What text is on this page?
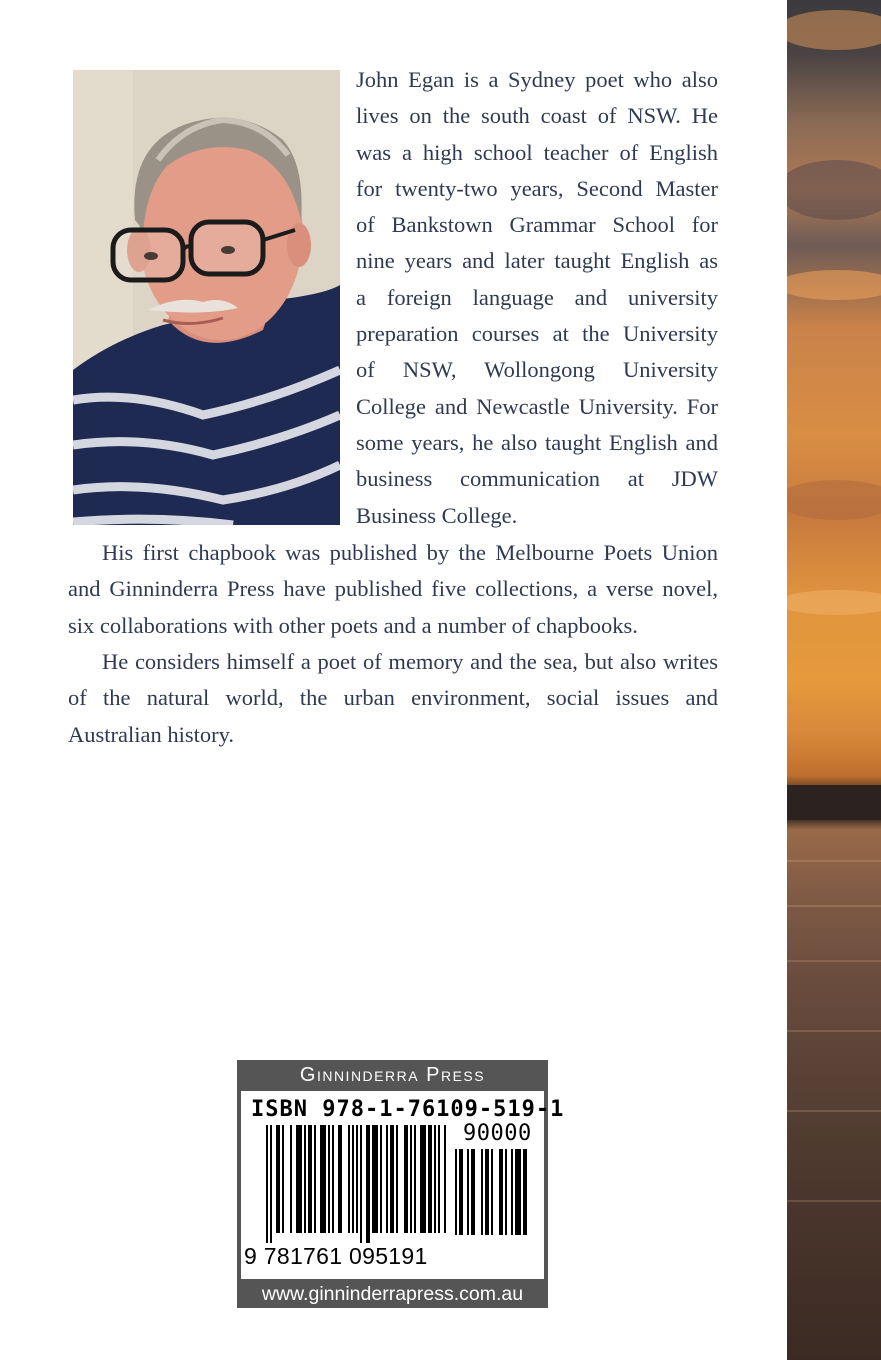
John Egan is a Sydney poet who also
lives on the south coast of NSW. He
was a high school teacher of English
for twenty-two years, Second Master
of Bankstown Grammar School for
nine years and later taught English as
a foreign language and university
preparation courses at the University
of NSW, Wollongong University
College and Newcastle University. For
some years, he also taught English and
business communication at JDW
Business College.

His first chapbook was published by the Melbourne Poets Union and Ginninderra Press have published five collections, a verse novel, six collaborations with other poets and a number of chapbooks.

He considers himself a poet of memory and the sea, but also writes of the natural world, the urban environment, social issues and Australian history.

Ginninderra Press
ISBN 978-1-76109-519-1
90000
9 781761 095191
www.ginninderrapress.com.au
